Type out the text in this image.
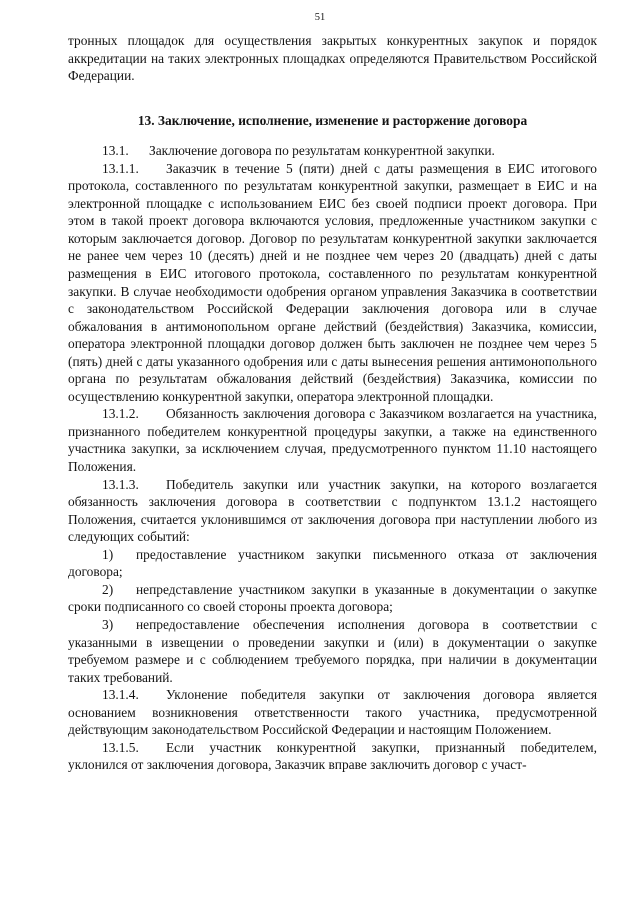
51

тронных площадок для осуществления закрытых конкурентных закупок и порядок аккредитации на таких электронных площадках определяются Правительством Российской Федерации.

13. Заключение, исполнение, изменение и расторжение договора

13.1. Заключение договора по результатам конкурентной закупки.

13.1.1. Заказчик в течение 5 (пяти) дней с даты размещения в ЕИС итогового протокола, составленного по результатам конкурентной закупки, размещает в ЕИС и на электронной площадке с использованием ЕИС без своей подписи проект договора. При этом в такой проект договора включаются условия, предложенные участником закупки с которым заключается договор. Договор по результатам конкурентной закупки заключается не ранее чем через 10 (десять) дней и не позднее чем через 20 (двадцать) дней с даты размещения в ЕИС итогового протокола, составленного по результатам конкурентной закупки. В случае необходимости одобрения органом управления Заказчика в соответствии с законодательством Российской Федерации заключения договора или в случае обжалования в антимонопольном органе действий (бездействия) Заказчика, комиссии, оператора электронной площадки договор должен быть заключен не позднее чем через 5 (пять) дней с даты указанного одобрения или с даты вынесения решения антимонопольного органа по результатам обжалования действий (бездействия) Заказчика, комиссии по осуществлению конкурентной закупки, оператора электронной площадки.

13.1.2. Обязанность заключения договора с Заказчиком возлагается на участника, признанного победителем конкурентной процедуры закупки, а также на единственного участника закупки, за исключением случая, предусмотренного пунктом 11.10 настоящего Положения.

13.1.3. Победитель закупки или участник закупки, на которого возлагается обязанность заключения договора в соответствии с подпунктом 13.1.2 настоящего Положения, считается уклонившимся от заключения договора при наступлении любого из следующих событий:

1) предоставление участником закупки письменного отказа от заключения договора;

2) непредставление участником закупки в указанные в документации о закупке сроки подписанного со своей стороны проекта договора;

3) непредоставление обеспечения исполнения договора в соответствии с указанными в извещении о проведении закупки и (или) в документации о закупке требуемом размере и с соблюдением требуемого порядка, при наличии в документации таких требований.

13.1.4. Уклонение победителя закупки от заключения договора является основанием возникновения ответственности такого участника, предусмотренной действующим законодательством Российской Федерации и настоящим Положением.

13.1.5. Если участник конкурентной закупки, признанный победителем, уклонился от заключения договора, Заказчик вправе заключить договор с участ-
